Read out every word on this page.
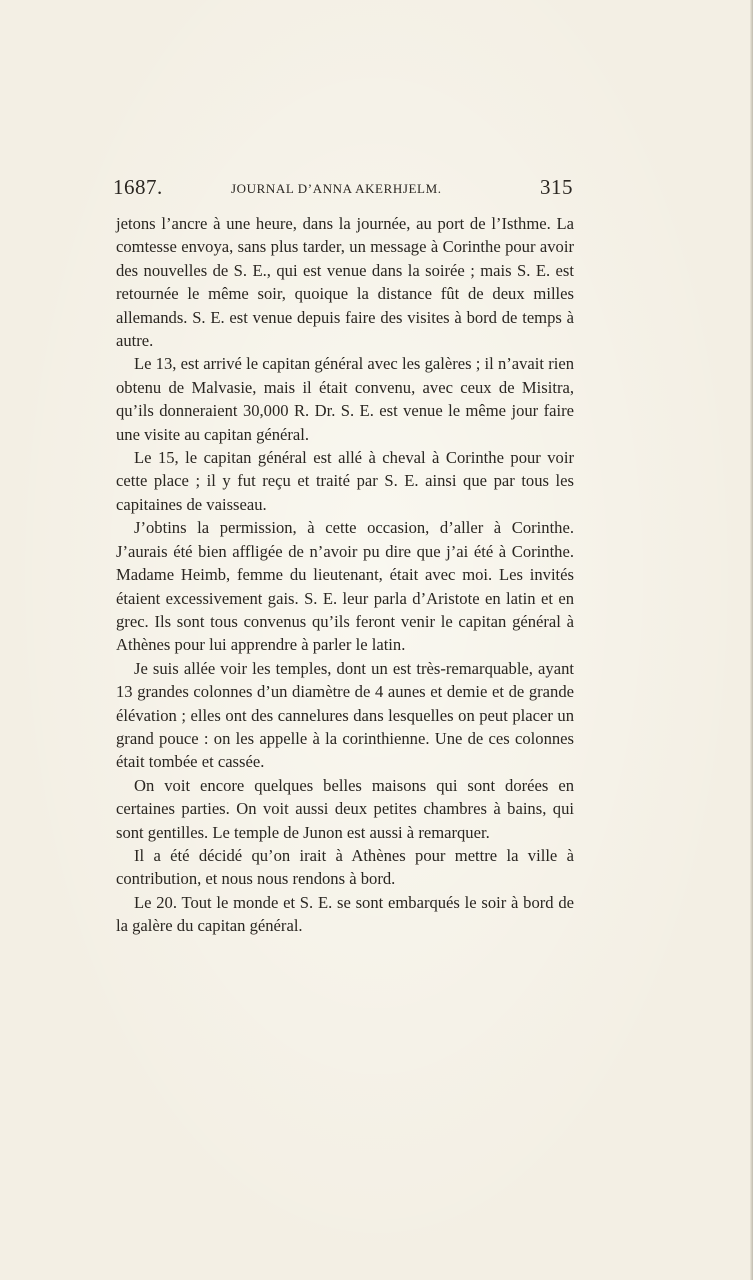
1687.	JOURNAL D’ANNA AKERHJELM.	315

jetons l’ancre à une heure, dans la journée, au port de l’Isthme. La comtesse envoya, sans plus tarder, un message à Corinthe pour avoir des nouvelles de S. E., qui est venue dans la soirée ; mais S. E. est retournée le même soir, quoique la distance fût de deux milles allemands. S. E. est venue depuis faire des visites à bord de temps à autre.

Le 13, est arrivé le capitan général avec les galères ; il n’avait rien obtenu de Malvasie, mais il était convenu, avec ceux de Misitra, qu’ils donneraient 30,000 R. Dr. S. E. est venue le même jour faire une visite au capitan général.

Le 15, le capitan général est allé à cheval à Corinthe pour voir cette place ; il y fut reçu et traité par S. E. ainsi que par tous les capitaines de vaisseau.

J’obtins la permission, à cette occasion, d’aller à Corinthe. J’aurais été bien affligée de n’avoir pu dire que j’ai été à Corinthe. Madame Heimb, femme du lieutenant, était avec moi. Les invités étaient excessivement gais. S. E. leur parla d’Aristote en latin et en grec. Ils sont tous convenus qu’ils feront venir le capitan général à Athènes pour lui apprendre à parler le latin.

Je suis allée voir les temples, dont un est très-remarquable, ayant 13 grandes colonnes d’un diamètre de 4 aunes et demie et de grande élévation ; elles ont des cannelures dans lesquelles on peut placer un grand pouce : on les appelle à la corinthienne. Une de ces colonnes était tombée et cassée.

On voit encore quelques belles maisons qui sont dorées en certaines parties. On voit aussi deux petites chambres à bains, qui sont gentilles. Le temple de Junon est aussi à remarquer.

Il a été décidé qu’on irait à Athènes pour mettre la ville à contribution, et nous nous rendons à bord.

Le 20. Tout le monde et S. E. se sont embarqués le soir à bord de la galère du capitan général.
